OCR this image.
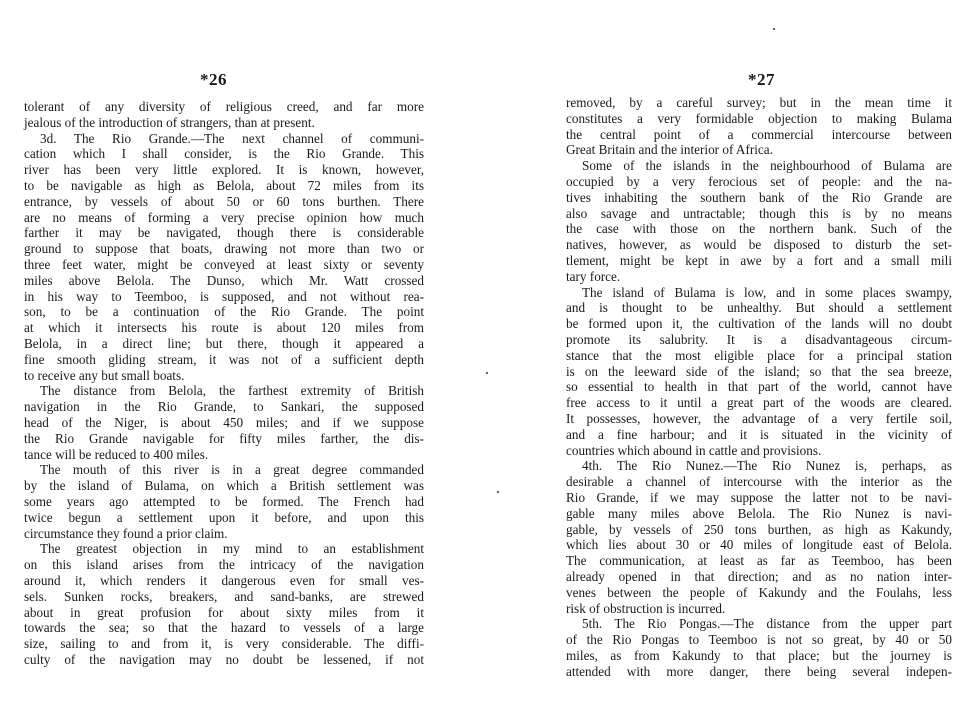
*26
tolerant of any diversity of religious creed, and far more
jealous of the introduction of strangers, than at present.
3d. The Rio Grande.—The next channel of communi-
cation which I shall consider, is the Rio Grande. This
river has been very little explored. It is known, however,
to be navigable as high as Belola, about 72 miles from its
entrance, by vessels of about 50 or 60 tons burthen. There
are no means of forming a very precise opinion how much
farther it may be navigated, though there is considerable
ground to suppose that boats, drawing not more than two or
three feet water, might be conveyed at least sixty or seventy
miles above Belola. The Dunso, which Mr. Watt crossed
in his way to Teemboo, is supposed, and not without rea-
son, to be a continuation of the Rio Grande. The point
at which it intersects his route is about 120 miles from
Belola, in a direct line; but there, though it appeared a
fine smooth gliding stream, it was not of a sufficient depth
to receive any but small boats.
The distance from Belola, the farthest extremity of British
navigation in the Rio Grande, to Sankari, the supposed
head of the Niger, is about 450 miles; and if we suppose
the Rio Grande navigable for fifty miles farther, the dis-
tance will be reduced to 400 miles.
The mouth of this river is in a great degree commanded
by the island of Bulama, on which a British settlement was
some years ago attempted to be formed. The French had
twice begun a settlement upon it before, and upon this
circumstance they found a prior claim.
The greatest objection in my mind to an establishment
on this island arises from the intricacy of the navigation
around it, which renders it dangerous even for small ves-
sels. Sunken rocks, breakers, and sand-banks, are strewed
about in great profusion for about sixty miles from it
towards the sea; so that the hazard to vessels of a large
size, sailing to and from it, is very considerable. The diffi-
culty of the navigation may no doubt be lessened, if not
*27
removed, by a careful survey; but in the mean time it
constitutes a very formidable objection to making Bulama
the central point of a commercial intercourse between
Great Britain and the interior of Africa.
Some of the islands in the neighbourhood of Bulama are
occupied by a very ferocious set of people: and the na-
tives inhabiting the southern bank of the Rio Grande are
also savage and untractable; though this is by no means
the case with those on the northern bank. Such of the
natives, however, as would be disposed to disturb the set-
tlement, might be kept in awe by a fort and a small mili
tary force.
The island of Bulama is low, and in some places swampy,
and is thought to be unhealthy. But should a settlement
be formed upon it, the cultivation of the lands will no doubt
promote its salubrity. It is a disadvantageous circum-
stance that the most eligible place for a principal station
is on the leeward side of the island; so that the sea breeze,
so essential to health in that part of the world, cannot have
free access to it until a great part of the woods are cleared.
It possesses, however, the advantage of a very fertile soil,
and a fine harbour; and it is situated in the vicinity of
countries which abound in cattle and provisions.
4th. The Rio Nunez.—The Rio Nunez is, perhaps, as
desirable a channel of intercourse with the interior as the
Rio Grande, if we may suppose the latter not to be navi-
gable many miles above Belola. The Rio Nunez is navi-
gable, by vessels of 250 tons burthen, as high as Kakundy,
which lies about 30 or 40 miles of longitude east of Belola.
The communication, at least as far as Teemboo, has been
already opened in that direction; and as no nation inter-
venes between the people of Kakundy and the Foulahs, less
risk of obstruction is incurred.
5th. The Rio Pongas.—The distance from the upper part
of the Rio Pongas to Teemboo is not so great, by 40 or 50
miles, as from Kakundy to that place; but the journey is
attended with more danger, there being several indepen-
